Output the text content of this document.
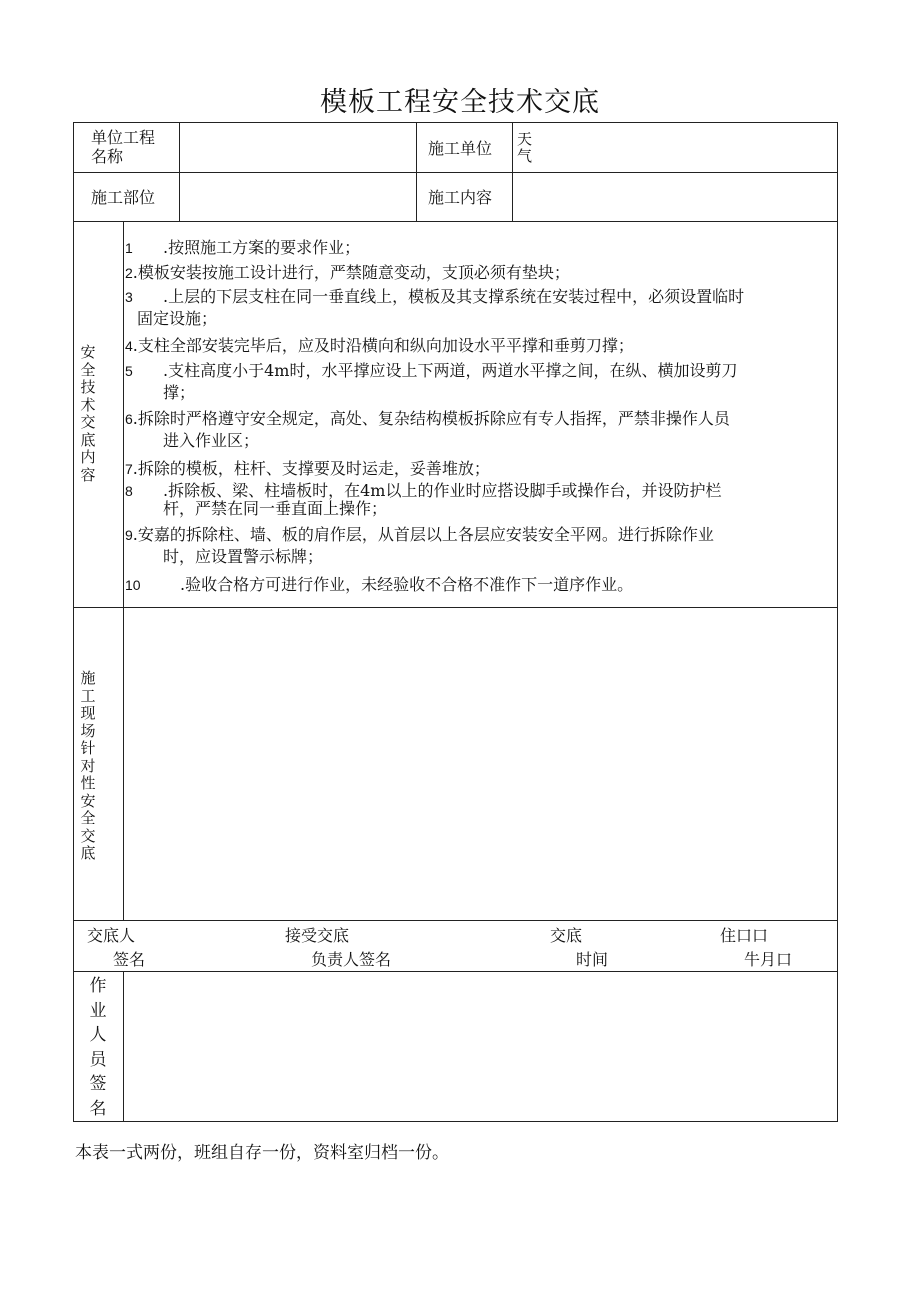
模板工程安全技术交底
单位工程
名称	施工单位 天
气
施工部位	施工内容
安全技术交底内容
1 .按照施工方案的要求作业；
2.模板安装按施工设计进行，严禁随意变动，支顶必须有垫块；
3 .上层的下层支柱在同一垂直线上，模板及其支撑系统在安装过程中，必须设置临时
固定设施；
4.支柱全部安装完毕后，应及时沿横向和纵向加设水平平撑和垂剪刀撑；
5 .支柱高度小于4m时，水平撑应设上下两道，两道水平撑之间，在纵、横加设剪刀
撑；
6.拆除时严格遵守安全规定，高处、复杂结构模板拆除应有专人指挥，严禁非操作人员
进入作业区；
7.拆除的模板，柱杆、支撑要及时运走，妥善堆放；
8 .拆除板、梁、柱墙板时，在4m以上的作业时应搭设脚手或操作台，并设防护栏
杆，严禁在同一垂直面上操作；
9.安嘉的拆除柱、墙、板的肩作层，从首层以上各层应安装安全平网。进行拆除作业
时，应设置警示标牌；
10 .验收合格方可进行作业，未经验收不合格不准作下一道序作业。
施工现场针对性安全交底
交底人
签名
接受交底
负责人签名
交底
时间
住口口
牛月口
作业人员签名
本表一式两份，班组自存一份，资料室归档一份。
